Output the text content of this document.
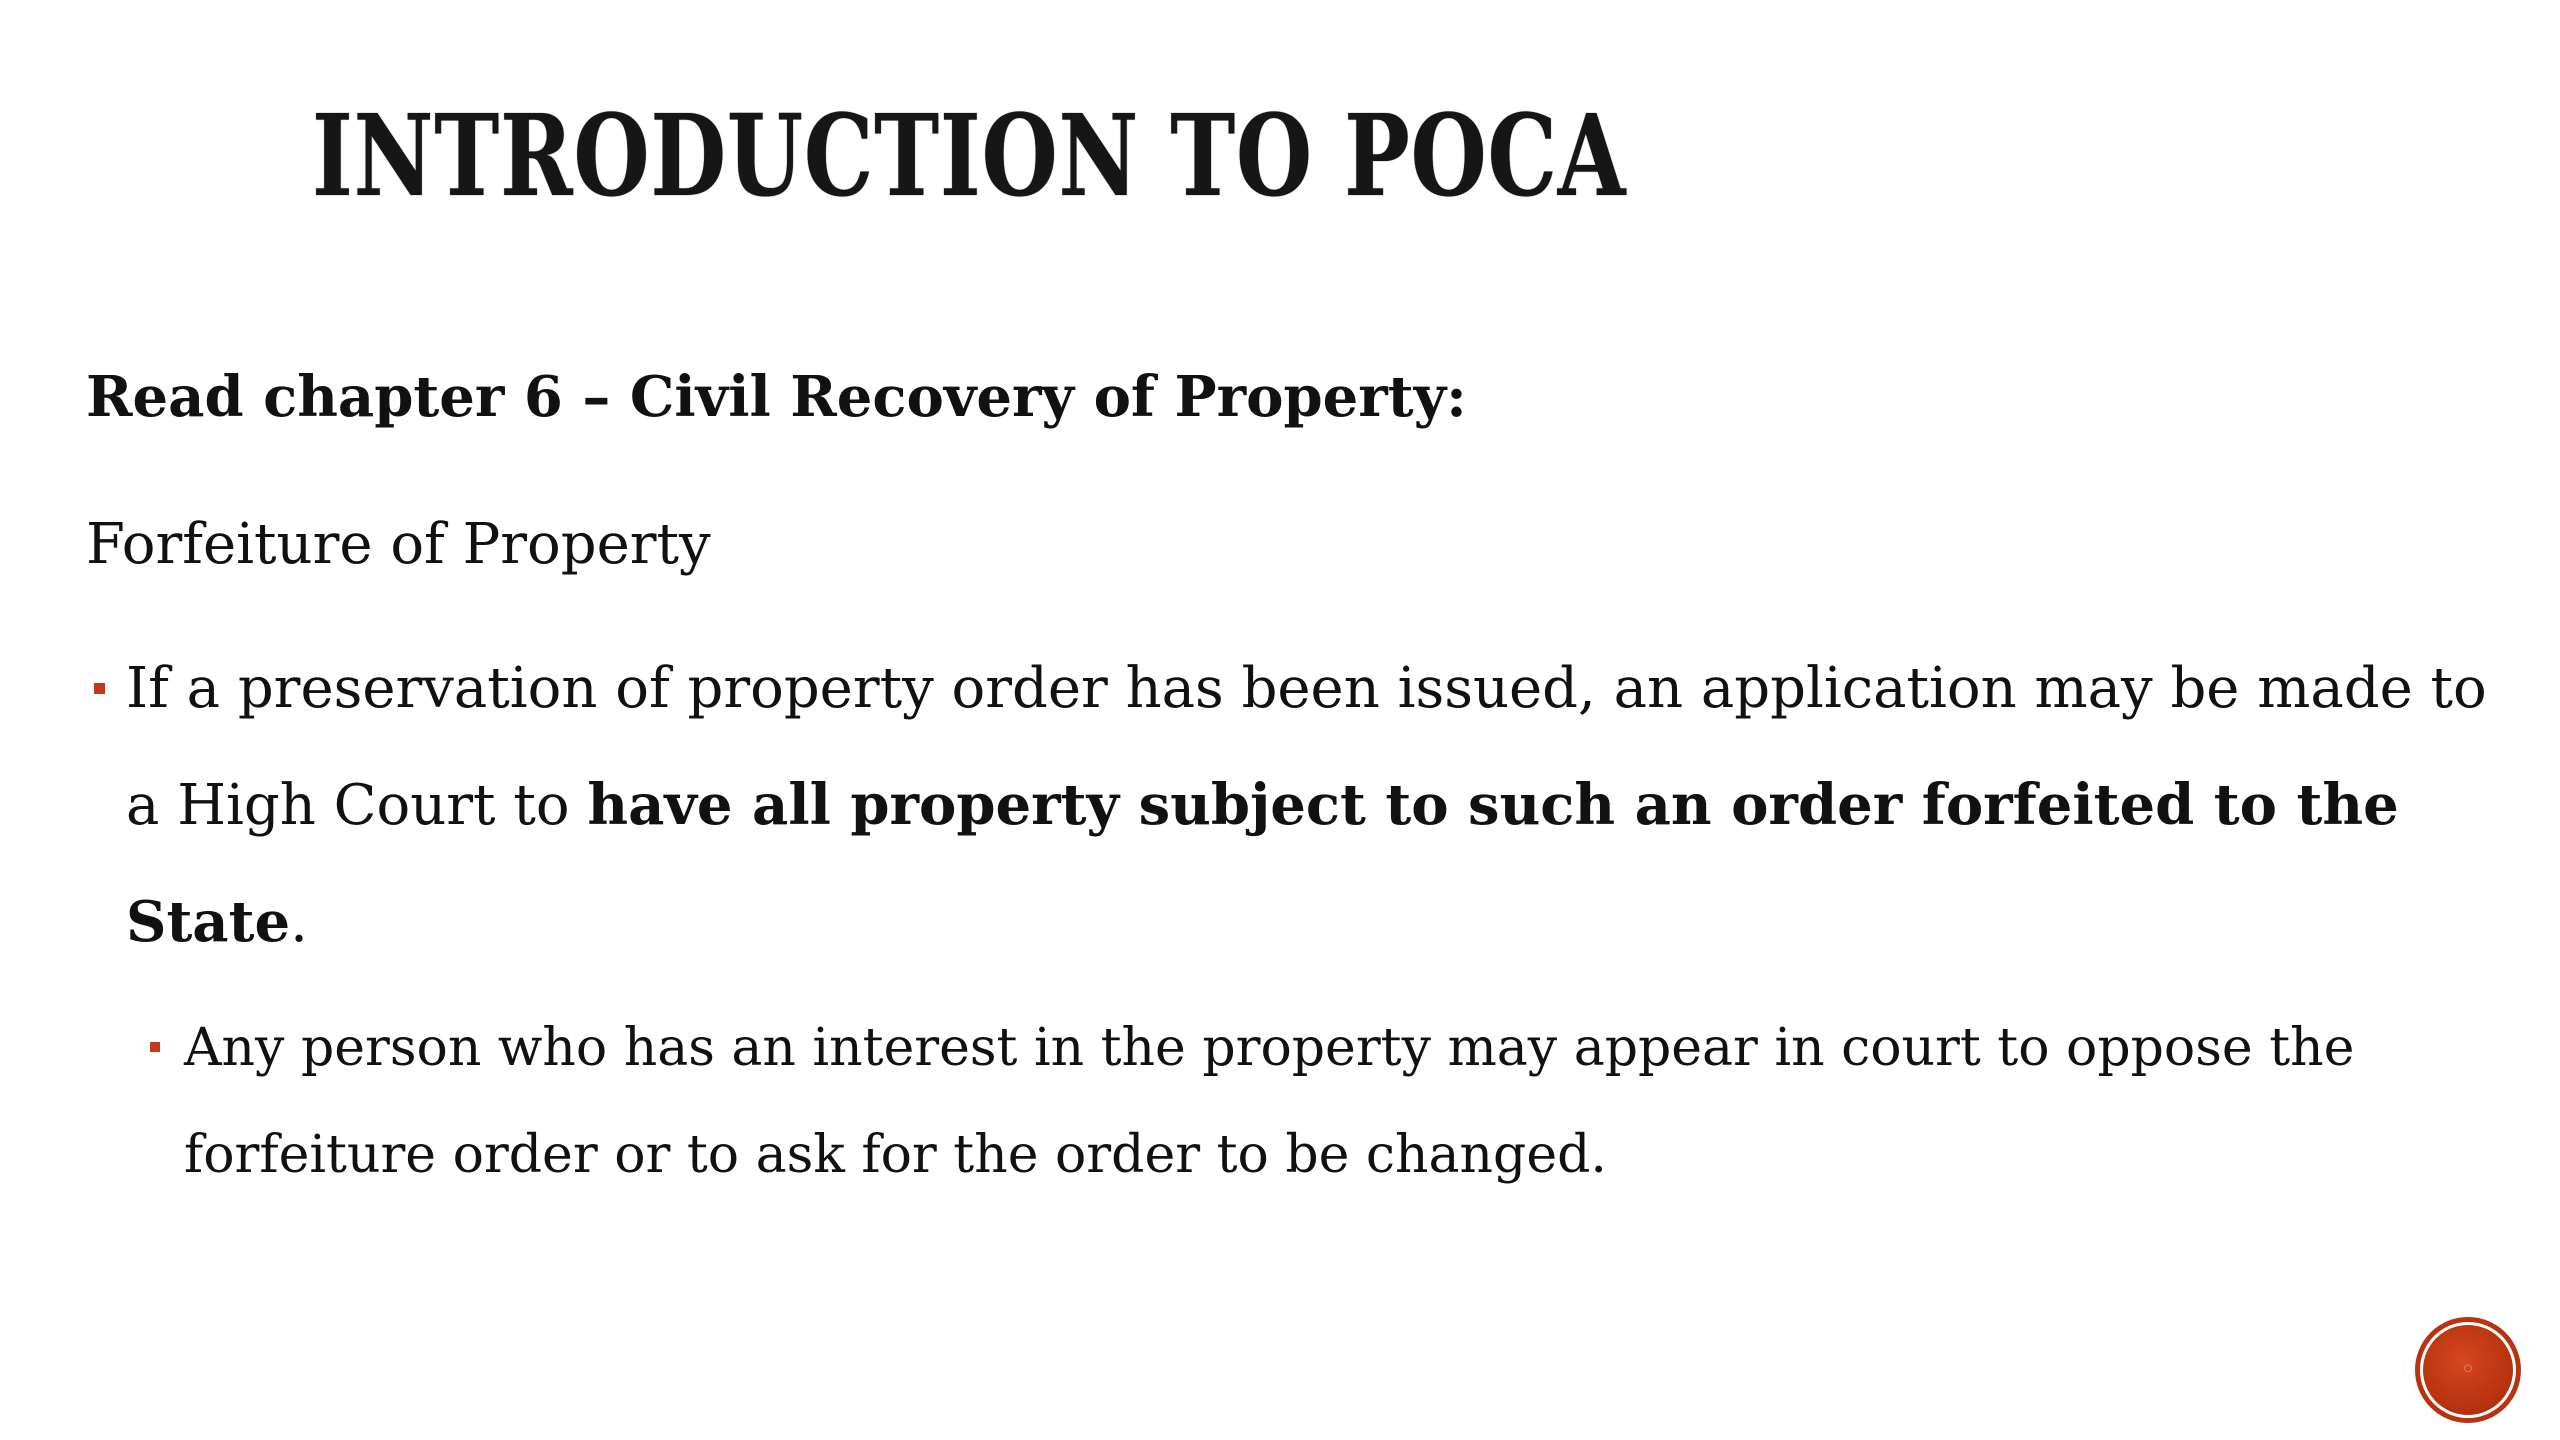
INTRODUCTION TO POCA

Read chapter 6 – Civil Recovery of Property:

Forfeiture of Property

If a preservation of property order has been issued, an application may be made to a High Court to have all property subject to such an order forfeited to the State.
Any person who has an interest in the property may appear in court to oppose the forfeiture order or to ask for the order to be changed.
◦
